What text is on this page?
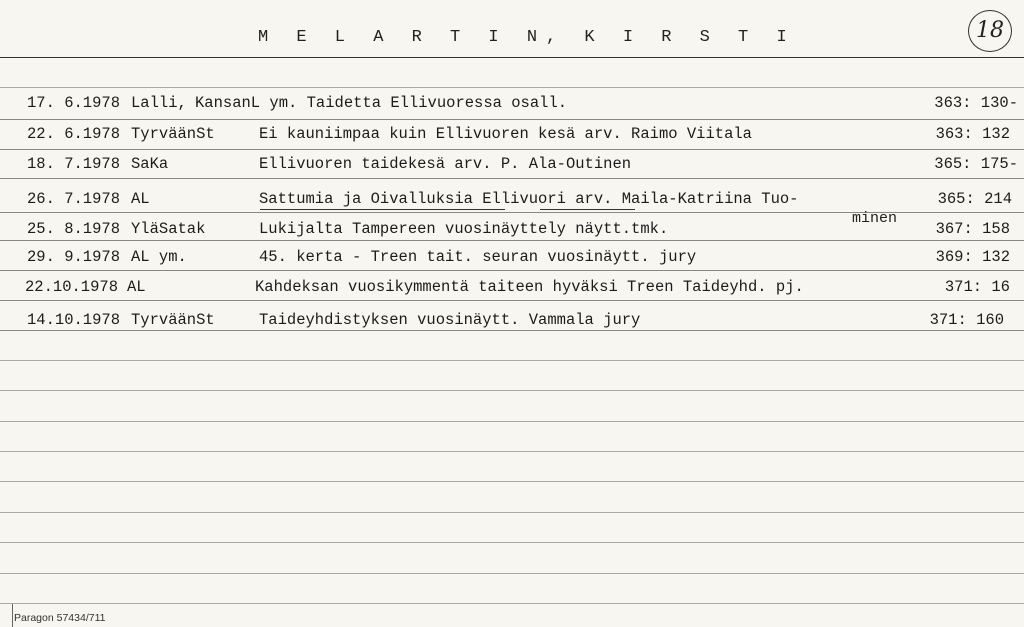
M E L A R T I N, K I R S T I	18
17. 6.1978 Lalli, KansanL ym. Taidetta Ellivuoressa osall.	363: 130-
22. 6.1978 TyrväänSt	Ei kauniimpaa kuin Ellivuoren kesä arv. Raimo Viitala	363: 132
18. 7.1978 SaKa	Ellivuoren taidekesä arv. P. Ala-Outinen	365: 175-
26. 7.1978 AL	Sattumia ja Oivalluksia Ellivuori arv. Maila-Katriina Tuo-	365: 214
minen
25. 8.1978 YläSatak	Lukijalta Tampereen vuosinäyttely näytt.tmk.	367: 158
29. 9.1978 AL ym.	45. kerta - Treen tait. seuran vuosinäytt. jury	369: 132
22.10.1978 AL	Kahdeksan vuosikymmentä taiteen hyväksi Treen Taideyhd. pj.	371: 16
14.10.1978 TyrväänSt	Taideyhdistyksen vuosinäytt. Vammala jury	371: 160
Paragon 57434/711
